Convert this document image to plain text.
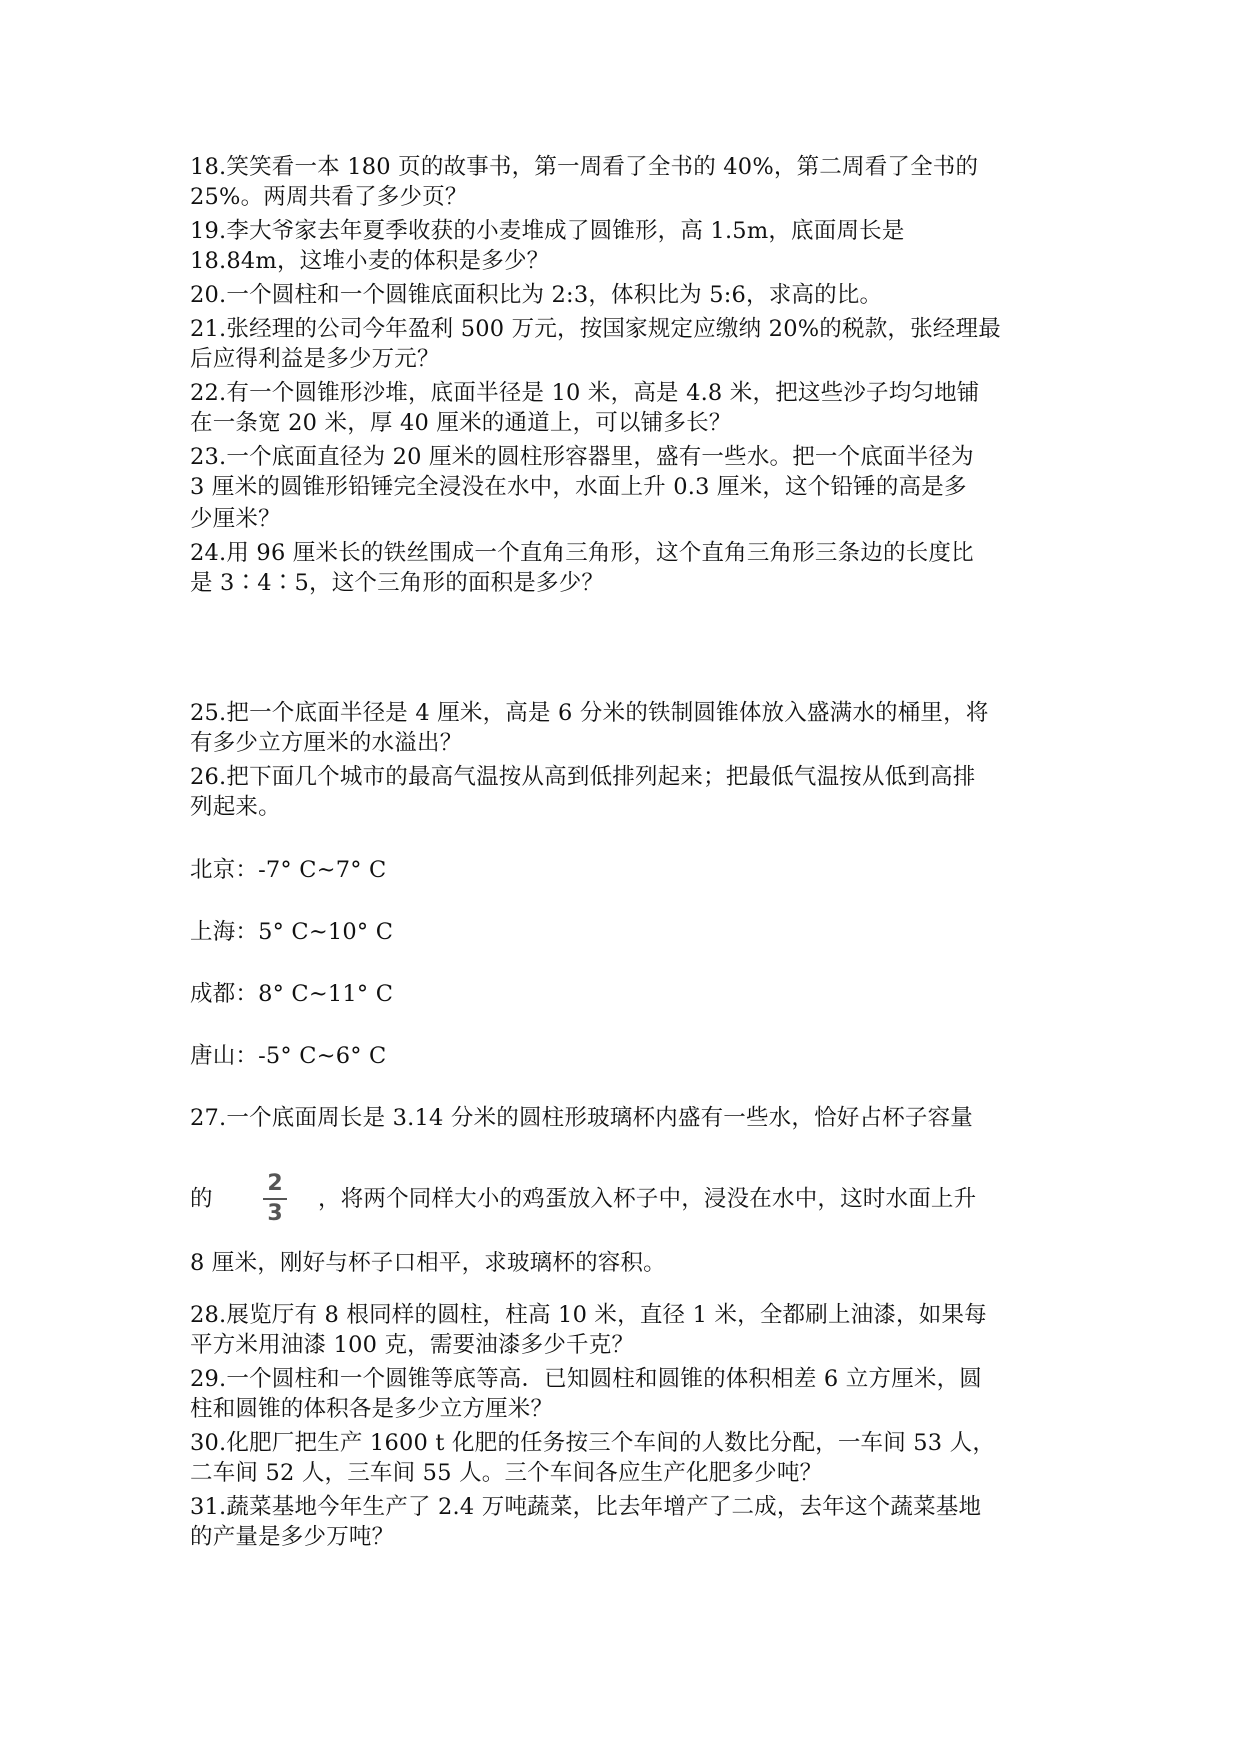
18.笑笑看一本 180 页的故事书，第一周看了全书的 40%，第二周看了全书的
25%。两周共看了多少页？
19.李大爷家去年夏季收获的小麦堆成了圆锥形，高 1.5m，底面周长是
18.84m，这堆小麦的体积是多少？
20.一个圆柱和一个圆锥底面积比为 2:3，体积比为 5:6，求高的比。
21.张经理的公司今年盈利 500 万元，按国家规定应缴纳 20%的税款，张经理最
后应得利益是多少万元？
22.有一个圆锥形沙堆，底面半径是 10 米，高是 4.8 米，把这些沙子均匀地铺
在一条宽 20 米，厚 40 厘米的通道上，可以铺多长？
23.一个底面直径为 20 厘米的圆柱形容器里，盛有一些水。把一个底面半径为
3 厘米的圆锥形铅锤完全浸没在水中，水面上升 0.3 厘米，这个铅锤的高是多
少厘米？
24.用 96 厘米长的铁丝围成一个直角三角形，这个直角三角形三条边的长度比
是 3∶4∶5，这个三角形的面积是多少？
25.把一个底面半径是 4 厘米，高是 6 分米的铁制圆锥体放入盛满水的桶里，将
有多少立方厘米的水溢出？
26.把下面几个城市的最高气温按从高到低排列起来；把最低气温按从低到高排
列起来。
北京：-7° C~7° C
上海：5° C~10° C
成都：8° C~11° C
唐山：-5° C~6° C
27.一个底面周长是 3.14 分米的圆柱形玻璃杯内盛有一些水，恰好占杯子容量
的
2
3
，将两个同样大小的鸡蛋放入杯子中，浸没在水中，这时水面上升
8 厘米，刚好与杯子口相平，求玻璃杯的容积。
28.展览厅有 8 根同样的圆柱，柱高 10 米，直径 1 米，全都刷上油漆，如果每
平方米用油漆 100 克，需要油漆多少千克？
29.一个圆柱和一个圆锥等底等高．已知圆柱和圆锥的体积相差 6 立方厘米，圆
柱和圆锥的体积各是多少立方厘米？
30.化肥厂把生产 1600 t 化肥的任务按三个车间的人数比分配，一车间 53 人，
二车间 52 人，三车间 55 人。三个车间各应生产化肥多少吨？
31.蔬菜基地今年生产了 2.4 万吨蔬菜，比去年增产了二成，去年这个蔬菜基地
的产量是多少万吨？
